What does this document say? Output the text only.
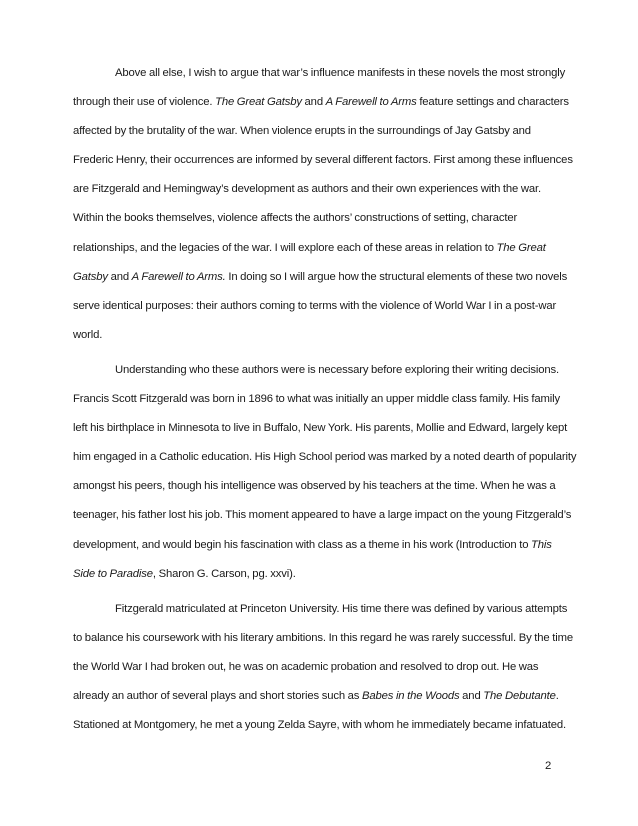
Above all else, I wish to argue that war’s influence manifests in these novels the most strongly
through their use of violence. The Great Gatsby and A Farewell to Arms feature settings and characters
affected by the brutality of the war. When violence erupts in the surroundings of Jay Gatsby and
Frederic Henry, their occurrences are informed by several different factors. First among these influences
are Fitzgerald and Hemingway’s development as authors and their own experiences with the war.
Within the books themselves, violence affects the authors’ constructions of setting, character
relationships, and the legacies of the war. I will explore each of these areas in relation to The Great
Gatsby and A Farewell to Arms. In doing so I will argue how the structural elements of these two novels
serve identical purposes: their authors coming to terms with the violence of World War I in a post-war
world.

Understanding who these authors were is necessary before exploring their writing decisions.
Francis Scott Fitzgerald was born in 1896 to what was initially an upper middle class family. His family
left his birthplace in Minnesota to live in Buffalo, New York. His parents, Mollie and Edward, largely kept
him engaged in a Catholic education. His High School period was marked by a noted dearth of popularity
amongst his peers, though his intelligence was observed by his teachers at the time. When he was a
teenager, his father lost his job. This moment appeared to have a large impact on the young Fitzgerald’s
development, and would begin his fascination with class as a theme in his work (Introduction to This
Side to Paradise, Sharon G. Carson, pg. xxvi).

Fitzgerald matriculated at Princeton University. His time there was defined by various attempts
to balance his coursework with his literary ambitions. In this regard he was rarely successful. By the time
the World War I had broken out, he was on academic probation and resolved to drop out. He was
already an author of several plays and short stories such as Babes in the Woods and The Debutante.
Stationed at Montgomery, he met a young Zelda Sayre, with whom he immediately became infatuated.

2
